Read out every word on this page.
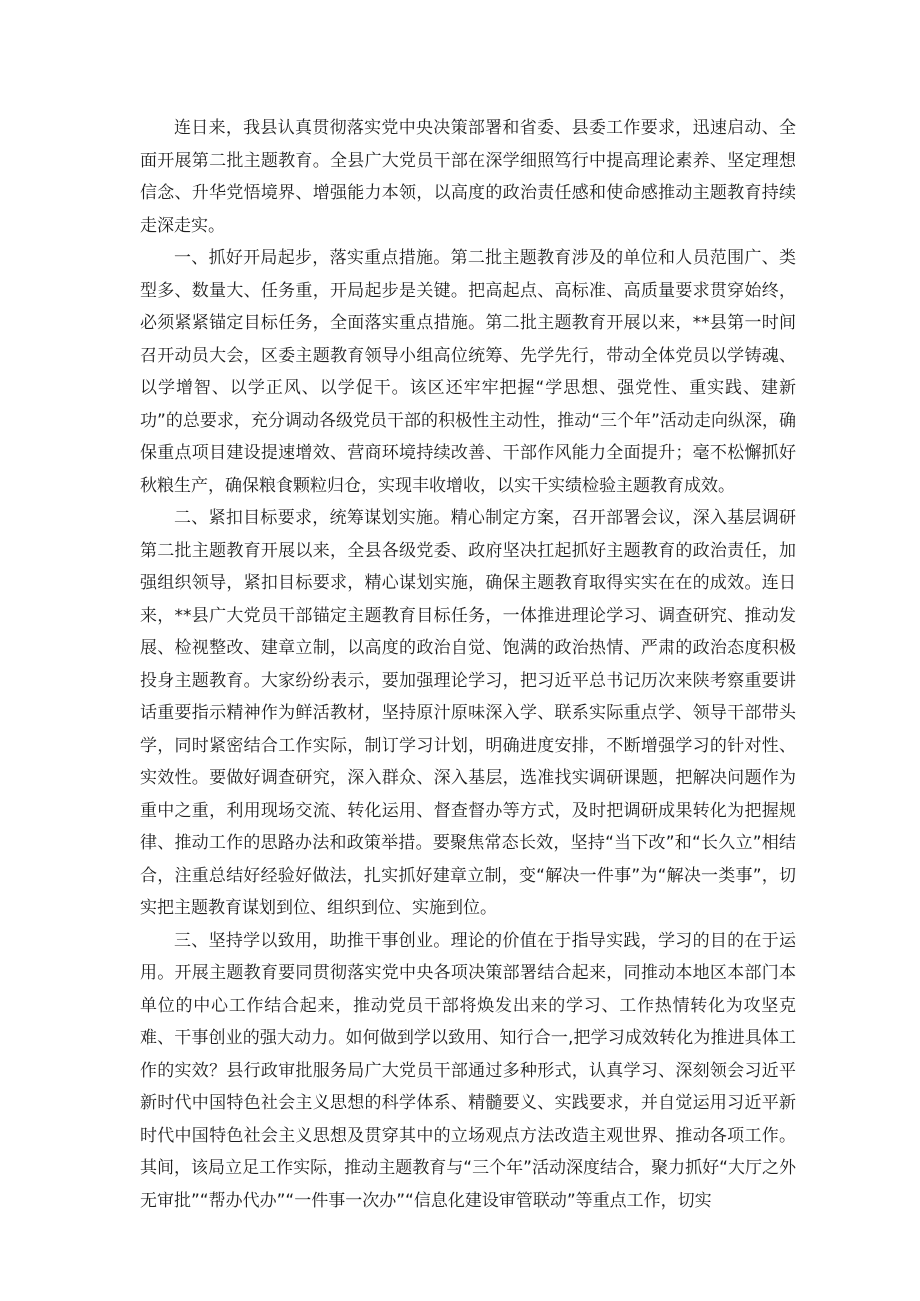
连日来，我县认真贯彻落实党中央决策部署和省委、县委工作要求，迅速启动、全面开展第二批主题教育。全县广大党员干部在深学细照笃行中提高理论素养、坚定理想信念、升华党悟境界、增强能力本领，以高度的政治责任感和使命感推动主题教育持续走深走实。

一、抓好开局起步，落实重点措施。第二批主题教育涉及的单位和人员范围广、类型多、数量大、任务重，开局起步是关键。把高起点、高标准、高质量要求贯穿始终，必须紧紧锚定目标任务，全面落实重点措施。第二批主题教育开展以来，**县第一时间召开动员大会，区委主题教育领导小组高位统筹、先学先行，带动全体党员以学铸魂、以学增智、以学正风、以学促干。该区还牢牢把握“学思想、强党性、重实践、建新功”的总要求，充分调动各级党员干部的积极性主动性，推动“三个年”活动走向纵深，确保重点项目建设提速增效、营商环境持续改善、干部作风能力全面提升；毫不松懈抓好秋粮生产，确保粮食颗粒归仓，实现丰收增收，以实干实绩检验主题教育成效。

二、紧扣目标要求，统筹谋划实施。精心制定方案，召开部署会议，深入基层调研第二批主题教育开展以来，全县各级党委、政府坚决扛起抓好主题教育的政治责任，加强组织领导，紧扣目标要求，精心谋划实施，确保主题教育取得实实在在的成效。连日来，**县广大党员干部锚定主题教育目标任务，一体推进理论学习、调查研究、推动发展、检视整改、建章立制，以高度的政治自觉、饱满的政治热情、严肃的政治态度积极投身主题教育。大家纷纷表示，要加强理论学习，把习近平总书记历次来陕考察重要讲话重要指示精神作为鲜活教材，坚持原汁原味深入学、联系实际重点学、领导干部带头学，同时紧密结合工作实际，制订学习计划，明确进度安排，不断增强学习的针对性、实效性。要做好调查研究，深入群众、深入基层，选准找实调研课题，把解决问题作为重中之重，利用现场交流、转化运用、督查督办等方式，及时把调研成果转化为把握规律、推动工作的思路办法和政策举措。要聚焦常态长效，坚持“当下改”和“长久立”相结合，注重总结好经验好做法，扎实抓好建章立制，变“解决一件事”为“解决一类事”，切实把主题教育谋划到位、组织到位、实施到位。

三、坚持学以致用，助推干事创业。理论的价值在于指导实践，学习的目的在于运用。开展主题教育要同贯彻落实党中央各项决策部署结合起来，同推动本地区本部门本单位的中心工作结合起来，推动党员干部将焕发出来的学习、工作热情转化为攻坚克难、干事创业的强大动力。如何做到学以致用、知行合一,把学习成效转化为推进具体工作的实效？县行政审批服务局广大党员干部通过多种形式，认真学习、深刻领会习近平新时代中国特色社会主义思想的科学体系、精髓要义、实践要求，并自觉运用习近平新时代中国特色社会主义思想及贯穿其中的立场观点方法改造主观世界、推动各项工作。其间，该局立足工作实际，推动主题教育与“三个年”活动深度结合，聚力抓好“大厅之外无审批”“帮办代办”“一件事一次办”“信息化建设审管联动”等重点工作，切实
